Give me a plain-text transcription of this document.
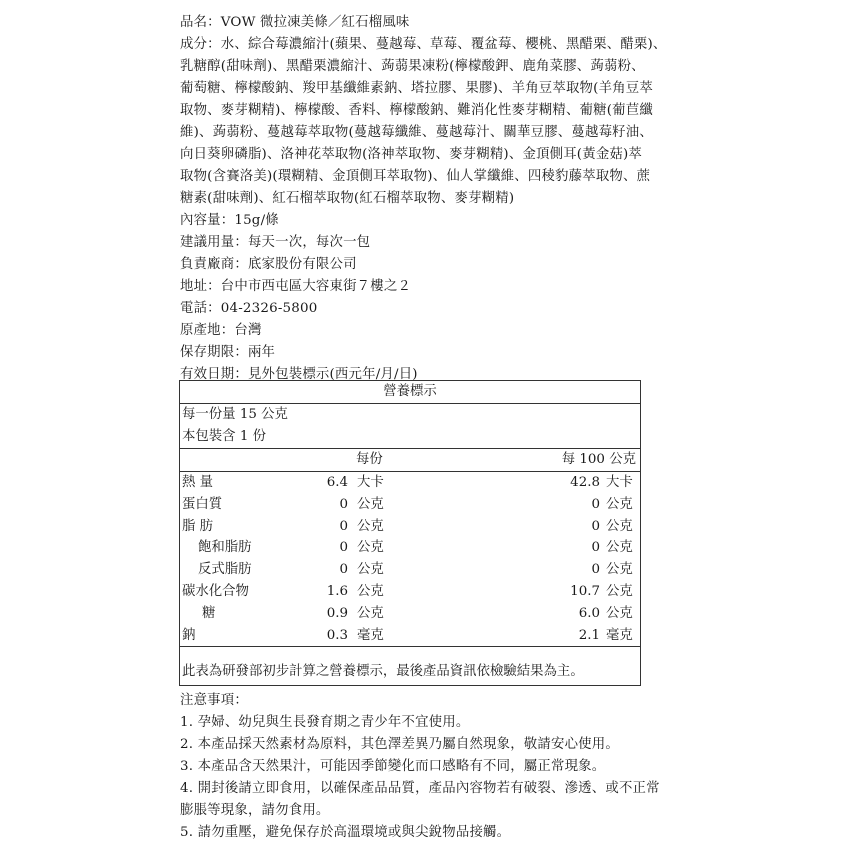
品名：VOW 微拉凍美條／紅石榴風味
成分：水、綜合莓濃縮汁(蘋果、蔓越莓、草莓、覆盆莓、櫻桃、黑醋栗、醋栗)、
乳糖醇(甜味劑)、黑醋栗濃縮汁、蒟蒻果凍粉(檸檬酸鉀、鹿角菜膠、蒟蒻粉、
葡萄糖、檸檬酸鈉、羧甲基纖維素鈉、塔拉膠、果膠)、羊角豆萃取物(羊角豆萃
取物、麥芽糊精)、檸檬酸、香料、檸檬酸鈉、難消化性麥芽糊精、葡糖(葡苣纖
維)、蒟蒻粉、蔓越莓萃取物(蔓越莓纖維、蔓越莓汁、關華豆膠、蔓越莓籽油、
向日葵卵磷脂)、洛神花萃取物(洛神萃取物、麥芽糊精)、金頂側耳(黃金菇)萃
取物(含賽洛美)(環糊精、金頂側耳萃取物)、仙人掌纖維、四稜豹藤萃取物、蔗
糖素(甜味劑)、紅石榴萃取物(紅石榴萃取物、麥芽糊精)
內容量：15g/條
建議用量：每天一次，每次一包
負責廠商：底家股份有限公司
地址：台中市西屯區大容東街７樓之２
電話：04-2326-5800
原產地：台灣
保存期限：兩年
有效日期：見外包裝標示(西元年/月/日)
營養標示
每一份量 15 公克
本包裝含 1 份
每份	每 100 公克
熱 量	6.4 大卡	42.8 大卡
蛋白質	0 公克	0 公克
脂 肪	0 公克	0 公克
飽和脂肪	0 公克	0 公克
反式脂肪	0 公克	0 公克
碳水化合物	1.6 公克	10.7 公克
糖	0.9 公克	6.0 公克
鈉	0.3 毫克	2.1 毫克
此表為研發部初步計算之營養標示，最後產品資訊依檢驗結果為主。
注意事項：
1. 孕婦、幼兒與生長發育期之青少年不宜使用。
2. 本產品採天然素材為原料，其色澤差異乃屬自然現象，敬請安心使用。
3. 本產品含天然果汁，可能因季節變化而口感略有不同，屬正常現象。
4. 開封後請立即食用，以確保產品品質，產品內容物若有破裂、滲透、或不正常
膨脹等現象，請勿食用。
5. 請勿重壓，避免保存於高溫環境或與尖銳物品接觸。
